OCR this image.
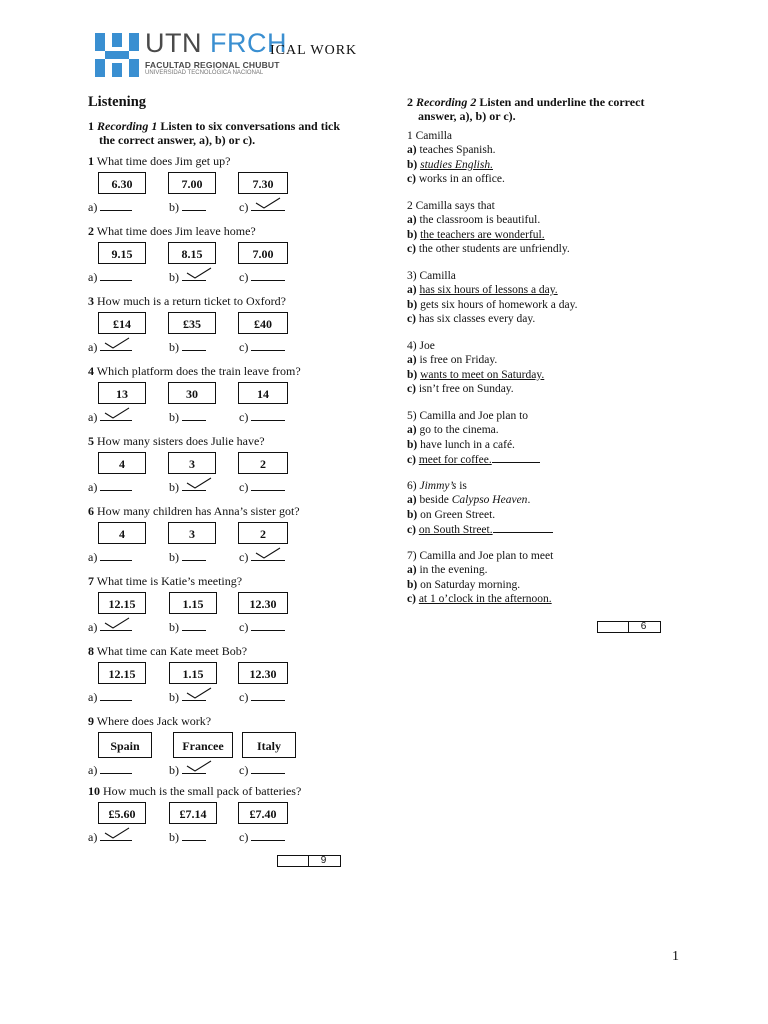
UTN FRCH
FACULTAD REGIONAL CHUBUT
UNIVERSIDAD TECNOLÓGICA NACIONAL
ICAL WORK
Listening
1 Recording 1 Listen to six conversations and tick
the correct answer, a), b) or c).
1 What time does Jim get up?
6.30	7.00	7.30
a)	b)	c)
2 What time does Jim leave home?
9.15	8.15	7.00
a)	b)	c)
3 How much is a return ticket to Oxford?
£14	£35	£40
a)	b)	c)
4 Which platform does the train leave from?
13	30	14
a)	b)	c)
5 How many sisters does Julie have?
4	3	2
a)	b)	c)
6 How many children has Anna’s sister got?
4	3	2
a)	b)	c)
7 What time is Katie’s meeting?
12.15	1.15	12.30
a)	b)	c)
8 What time can Kate meet Bob?
12.15	1.15	12.30
a)	b)	c)
9 Where does Jack work?
Spain	Francee	Italy
a)	b)	c)
10 How much is the small pack of batteries?
£5.60	£7.14	£7.40
a)	b)	c)
9
2 Recording 2 Listen and underline the correct
answer, a), b) or c).
1 Camilla
a) teaches Spanish.
b) studies English.
c) works in an office.
2 Camilla says that
a) the classroom is beautiful.
b) the teachers are wonderful.
c) the other students are unfriendly.
3) Camilla
a) has six hours of lessons a day.
b) gets six hours of homework a day.
c) has six classes every day.
4) Joe
a) is free on Friday.
b) wants to meet on Saturday.
c) isn’t free on Sunday.
5) Camilla and Joe plan to
a) go to the cinema.
b) have lunch in a café.
c) meet for coffee.
6) Jimmy’s is
a) beside Calypso Heaven.
b) on Green Street.
c) on South Street.
7) Camilla and Joe plan to meet
a) in the evening.
b) on Saturday morning.
c) at 1 o’clock in the afternoon.
6
1
